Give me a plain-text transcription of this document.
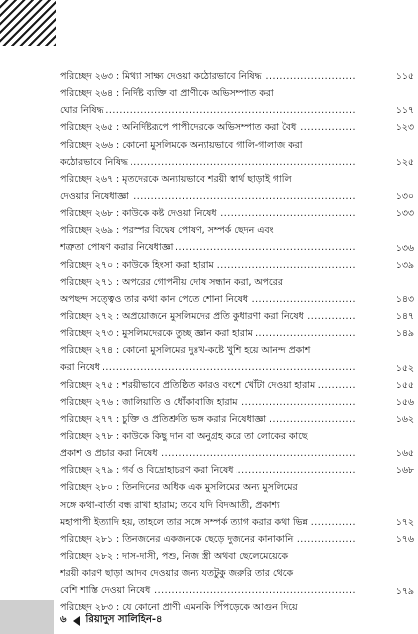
পরিচ্ছেদ ২৬৩ : মিথ্যা সাক্ষ্য দেওয়া কঠোরভাবে নিষিদ্ধ .....
পরিচ্ছেদ ২৬৪ : নির্দিষ্ট ব্যক্তি বা প্রাণীকে অভিসম্পাত করা
ঘোর নিষিদ্ধ .....
পরিচ্ছেদ ২৬৫ : অনির্দিষ্টরূপে পাপীদেরকে অভিসম্পাত করা বৈধ .....
পরিচ্ছেদ ২৬৬ : কোনো মুসলিমকে অন্যায়ভাবে গালি-গালাজ করা
কঠোরভাবে নিষিদ্ধ .....
পরিচ্ছেদ ২৬৭ : মৃতদেরকে অন্যায়ভাবে শরয়ী স্বার্থ ছাড়াই গালি
দেওয়ার নিষেধাজ্ঞা .....
পরিচ্ছেদ ২৬৮ : কাউকে কষ্ট দেওয়া নিষেধ .....
পরিচ্ছেদ ২৬৯ : পরস্পর বিদ্বেষ পোষণ, সম্পর্ক ছেদন এবং
শত্রুতা পোষণ করার নিষেধাজ্ঞা .....
পরিচ্ছেদ ২৭০ : কাউকে হিংসা করা হারাম .....
পরিচ্ছেদ ২৭১ : অপরের গোপনীয় দোষ সন্ধান করা, অপরের
অপছন্দ সত্ত্বেও তার কথা কান পেতে শোনা নিষেধ .....
পরিচ্ছেদ ২৭২ : অপ্রয়োজনে মুসলিমদের প্রতি কুধারণা করা নিষেধ .....
পরিচ্ছেদ ২৭৩ : মুসলিমদেরকে তুচ্ছ জ্ঞান করা হারাম .....
পরিচ্ছেদ ২৭৪ : কোনো মুসলিমের দুঃখ-কষ্টে খুশি হয়ে আনন্দ প্রকাশ
করা নিষেধ .....
পরিচ্ছেদ ২৭৫ : শরয়ীভাবে প্রতিষ্ঠিত কারও বংশে খোঁটা দেওয়া হারাম .....
পরিচ্ছেদ ২৭৬ : জালিয়াতি ও ধোঁকাবাজি হারাম .....
পরিচ্ছেদ ২৭৭ : চুক্তি ও প্রতিশ্রুতি ভঙ্গ করার নিষেধাজ্ঞা .....
পরিচ্ছেদ ২৭৮ : কাউকে কিছু দান বা অনুগ্রহ করে তা লোকের কাছে
প্রকাশ ও প্রচার করা নিষেধ .....
পরিচ্ছেদ ২৭৯ : গর্ব ও বিদ্রোহাচরণ করা নিষেধ .....
পরিচ্ছেদ ২৮০ : তিনদিনের অধিক এক মুসলিমের অন্য মুসলিমের
সঙ্গে কথা-বার্তা বন্ধ রাখা হারাম; তবে যদি বিদআতী, প্রকাশ্য
মহাপাপী ইত্যাদি হয়, তাহলে তার সঙ্গে সম্পর্ক ত্যাগ করার কথা ভিন্ন .....
পরিচ্ছেদ ২৮১ : তিনজনের একজনকে ছেড়ে দুজনের কানাকানি .....
পরিচ্ছেদ ২৮২ : দাস-দাসী, পশু, নিজ স্ত্রী অথবা ছেলেমেয়েকে
শরয়ী কারণ ছাড়া আদব দেওয়ার জন্য যতটুকু জরুরি তার থেকে
বেশি শাস্তি দেওয়া নিষেধ .....
পরিচ্ছেদ ২৮৩ : যে কোনো প্রাণী এমনকি পিঁপড়েকে আগুন দিয়ে
১১৫
১১৭
১২৩
১২৫
১৩০
১৩৩
১৩৬
১৩৯
১৪৩
১৪৭
১৪৯
১৫২
১৫৫
১৫৬
১৬২
১৬৫
১৬৮
১৭২
১৭৬
১৭৯
৬ রিয়াদুস সালিহিন-৪
